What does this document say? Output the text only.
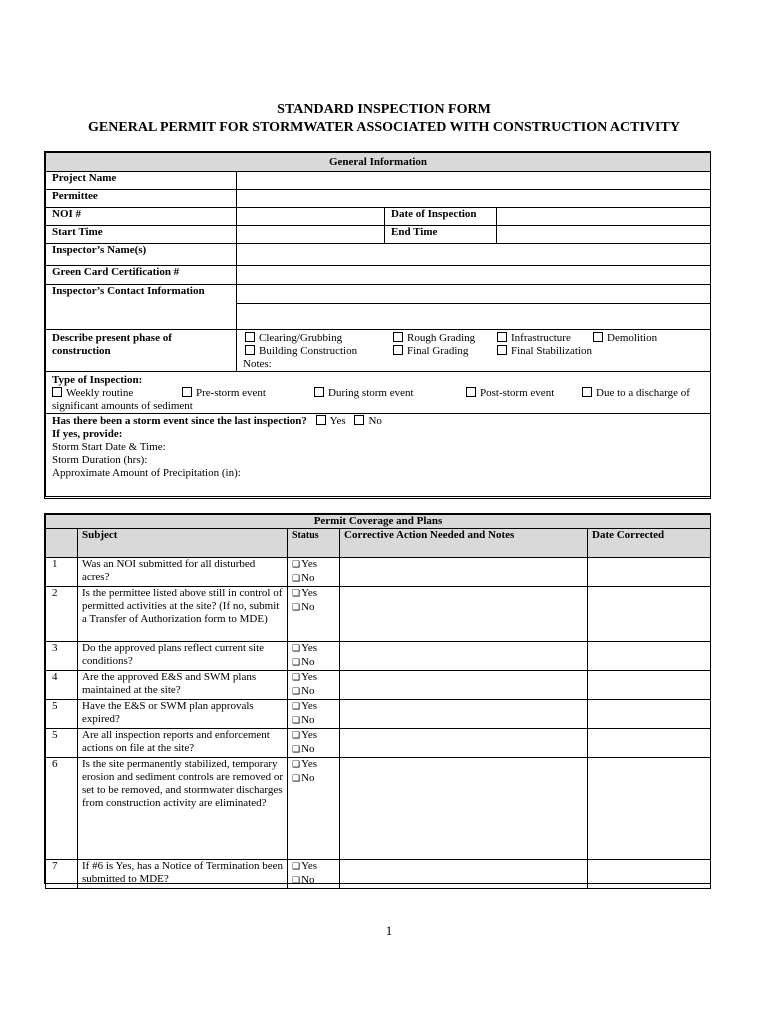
STANDARD INSPECTION FORM
GENERAL PERMIT FOR STORMWATER ASSOCIATED WITH CONSTRUCTION ACTIVITY
General Information			
Project Name			
Permittee			
NOI #		Date of Inspection	
Start Time		End Time	
Inspector’s Name(s)			
Green Card Certification #			
Inspector’s Contact Information			

Describe present phase of construction	Clearing/Grubbing Rough Grading Infrastructure Demolition
Building Construction Final Grading Final Stabilization
Notes:		

Type of Inspection:
Weekly routine Pre-storm event During storm event Post-storm event Due to a discharge of
significant amounts of sediment			

Has there been a storm event since the last inspection? Yes No
If yes, provide:
Storm Start Date & Time:
Storm Duration (hrs):
Approximate Amount of Precipitation (in):			
Permit Coverage and Plans				
	Subject	Status	Corrective Action Needed and Notes	Date Corrected
1	Was an NOI submitted for all disturbed acres?	❑Yes
❑No		

2	Is the permittee listed above still in control of permitted activities at the site? (If no, submit a Transfer of Authorization form to MDE)	❑Yes
❑No		

3	Do the approved plans reflect current site conditions?	❑Yes
❑No		

4	Are the approved E&S and SWM plans maintained at the site?	❑Yes
❑No		

5	Have the E&S or SWM plan approvals expired?	❑Yes
❑No		

5	Are all inspection reports and enforcement actions on file at the site?	❑Yes
❑No		

6	Is the site permanently stabilized, temporary erosion and sediment controls are removed or set to be removed, and stormwater discharges from construction activity are eliminated?	❑Yes
❑No		

7	If #6 is Yes, has a Notice of Termination been submitted to MDE?	❑Yes
❑No		

1
